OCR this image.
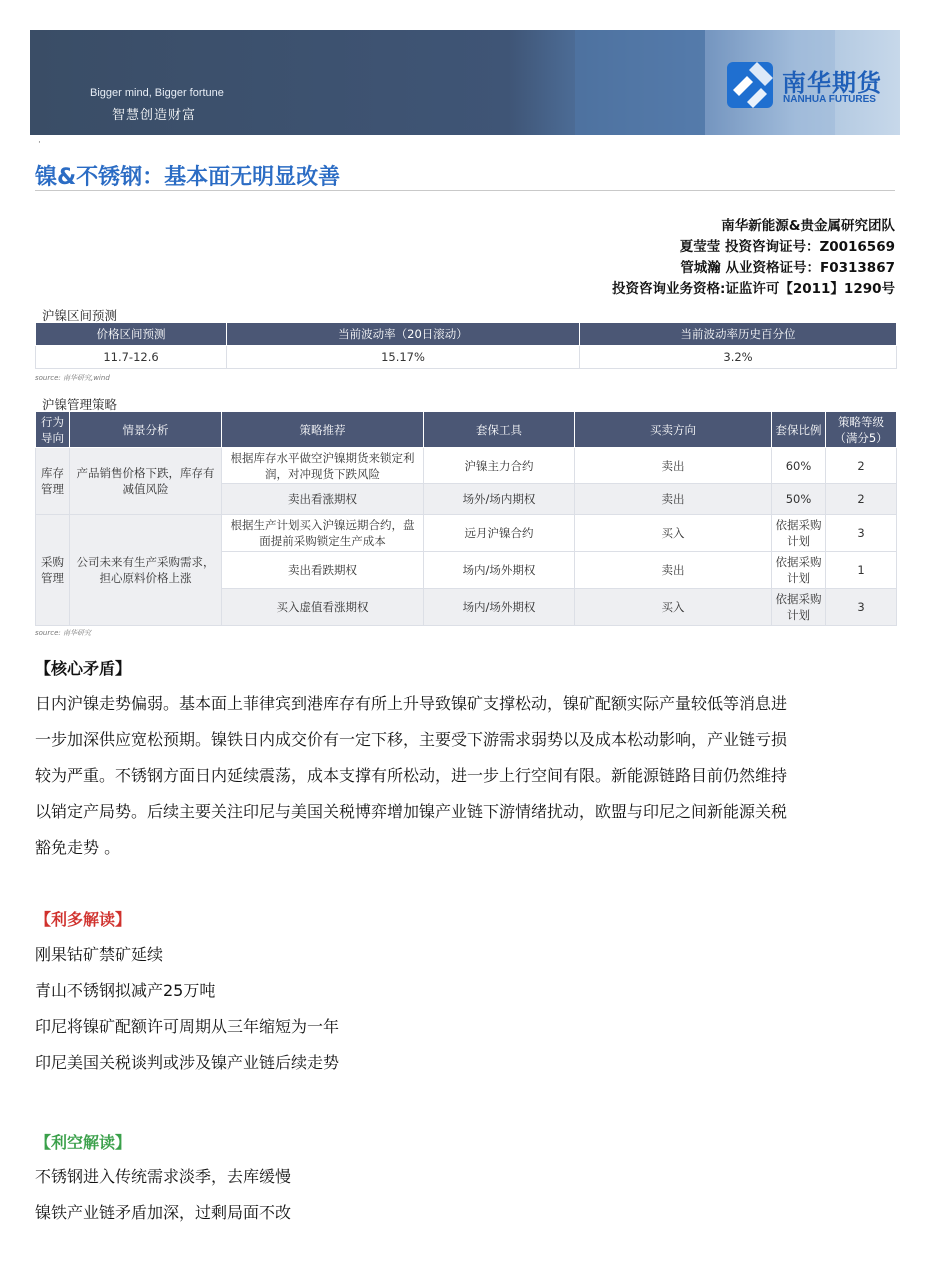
Bigger mind, Bigger fortune
智慧创造财富
南华期货
NANHUA FUTURES
·
镍&不锈钢：基本面无明显改善
南华新能源&贵金属研究团队
夏莹莹 投资咨询证号：Z0016569
管城瀚 从业资格证号：F0313867
投资咨询业务资格:证监许可【2011】1290号
沪镍区间预测
价格区间预测	当前波动率（20日滚动）	当前波动率历史百分位
11.7-12.6	15.17%	3.2%
source: 南华研究,wind
沪镍管理策略
行为导向	情景分析	策略推荐	套保工具	买卖方向	套保比例	策略等级（满分5）
库存管理	产品销售价格下跌，库存有减值风险	根据库存水平做空沪镍期货来锁定利润，对冲现货下跌风险	沪镍主力合约	卖出	60%	2
		卖出看涨期权	场外/场内期权	卖出	50%	2
采购管理	公司未来有生产采购需求，担心原料价格上涨	根据生产计划买入沪镍远期合约，盘面提前采购锁定生产成本	远月沪镍合约	买入	依据采购计划	3
		卖出看跌期权	场内/场外期权	卖出	依据采购计划	1
		买入虚值看涨期权	场内/场外期权	买入	依据采购计划	3
source: 南华研究
【核心矛盾】
日内沪镍走势偏弱。基本面上菲律宾到港库存有所上升导致镍矿支撑松动，镍矿配额实际产量较低等消息进
一步加深供应宽松预期。镍铁日内成交价有一定下移，主要受下游需求弱势以及成本松动影响，产业链亏损
较为严重。不锈钢方面日内延续震荡，成本支撑有所松动，进一步上行空间有限。新能源链路目前仍然维持
以销定产局势。后续主要关注印尼与美国关税博弈增加镍产业链下游情绪扰动，欧盟与印尼之间新能源关税
豁免走势 。
【利多解读】
刚果钴矿禁矿延续
青山不锈钢拟减产25万吨
印尼将镍矿配额许可周期从三年缩短为一年
印尼美国关税谈判或涉及镍产业链后续走势
【利空解读】
不锈钢进入传统需求淡季，去库缓慢
镍铁产业链矛盾加深，过剩局面不改
